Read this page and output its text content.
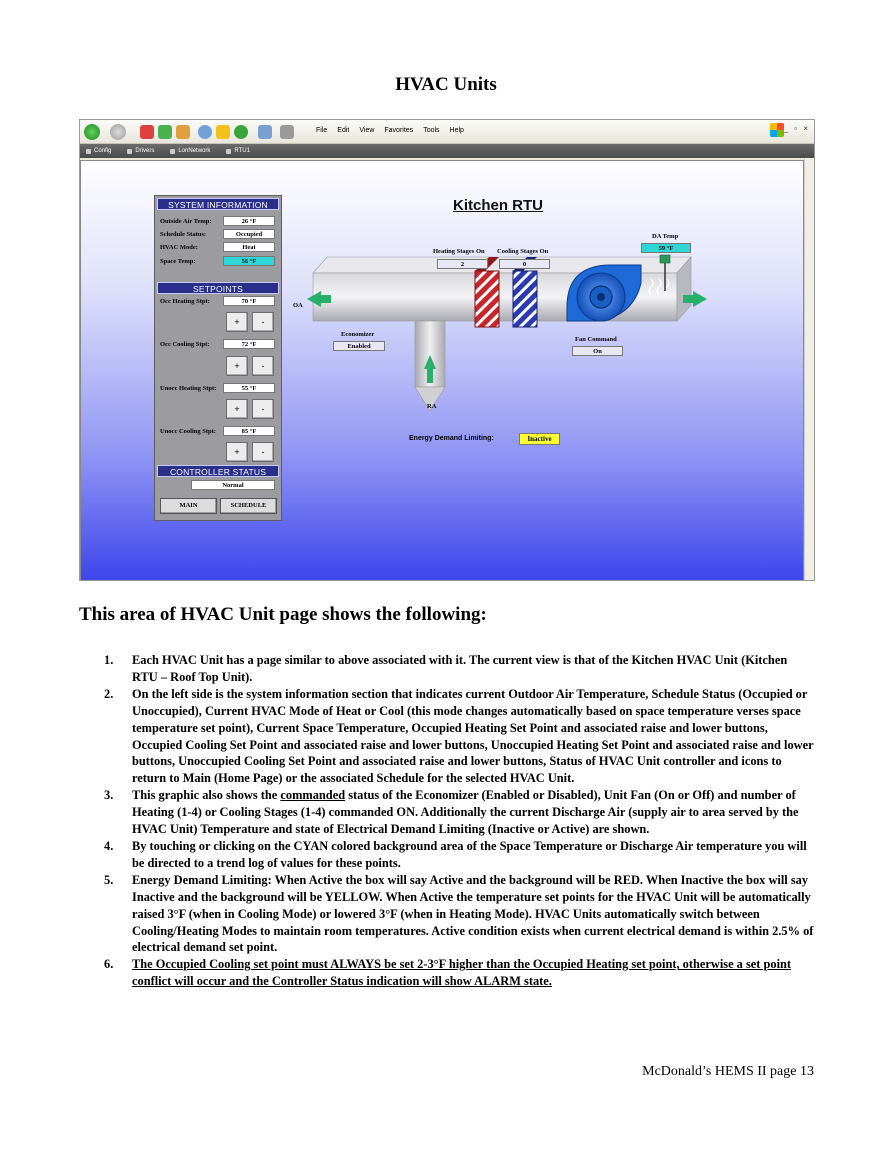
HVAC Units
File Edit View Favorites Tools Help	_ ▫ ×
Config	Drivers	LonNetwork	RTU1
SYSTEM INFORMATION
Outside Air Temp:	26 °F
Schedule Status:	Occupied
HVAC Mode:	Heat
Space Temp:	56 °F
SETPOINTS
Occ Heating Stpt:	70 °F
+	-
Occ Cooling Stpt:	72 °F
+	-
Unocc Heating Stpt:	55 °F
+	-
Unocc Cooling Stpt:	85 °F
+	-
CONTROLLER STATUS
Normal
MAIN	SCHEDULE
Kitchen RTU
Heating Stages On
2
Cooling Stages On
0
DA Temp
59 °F
OA
RA
Economizer
Enabled
Fan Command
On
Energy Demand Limiting:	Inactive
This area of HVAC Unit page shows the following:
1. Each HVAC Unit has a page similar to above associated with it. The current view is that of the Kitchen HVAC Unit (Kitchen RTU – Roof Top Unit).
2. On the left side is the system information section that indicates current Outdoor Air Temperature, Schedule Status (Occupied or Unoccupied), Current HVAC Mode of Heat or Cool (this mode changes automatically based on space temperature verses space temperature set point), Current Space Temperature, Occupied Heating Set Point and associated raise and lower buttons, Occupied Cooling Set Point and associated raise and lower buttons, Unoccupied Heating Set Point and associated raise and lower buttons, Unoccupied Cooling Set Point and associated raise and lower buttons, Status of HVAC Unit controller and icons to return to Main (Home Page) or the associated Schedule for the selected HVAC Unit.
3. This graphic also shows the commanded status of the Economizer (Enabled or Disabled), Unit Fan (On or Off) and number of Heating (1-4) or Cooling Stages (1-4) commanded ON. Additionally the current Discharge Air (supply air to area served by the HVAC Unit) Temperature and state of Electrical Demand Limiting (Inactive or Active) are shown.
4. By touching or clicking on the CYAN colored background area of the Space Temperature or Discharge Air temperature you will be directed to a trend log of values for these points.
5. Energy Demand Limiting: When Active the box will say Active and the background will be RED. When Inactive the box will say Inactive and the background will be YELLOW. When Active the temperature set points for the HVAC Unit will be automatically raised 3°F (when in Cooling Mode) or lowered 3°F (when in Heating Mode). HVAC Units automatically switch between Cooling/Heating Modes to maintain room temperatures. Active condition exists when current electrical demand is within 2.5% of electrical demand set point.
6. The Occupied Cooling set point must ALWAYS be set 2-3°F higher than the Occupied Heating set point, otherwise a set point conflict will occur and the Controller Status indication will show ALARM state.
McDonald’s HEMS II page 13
